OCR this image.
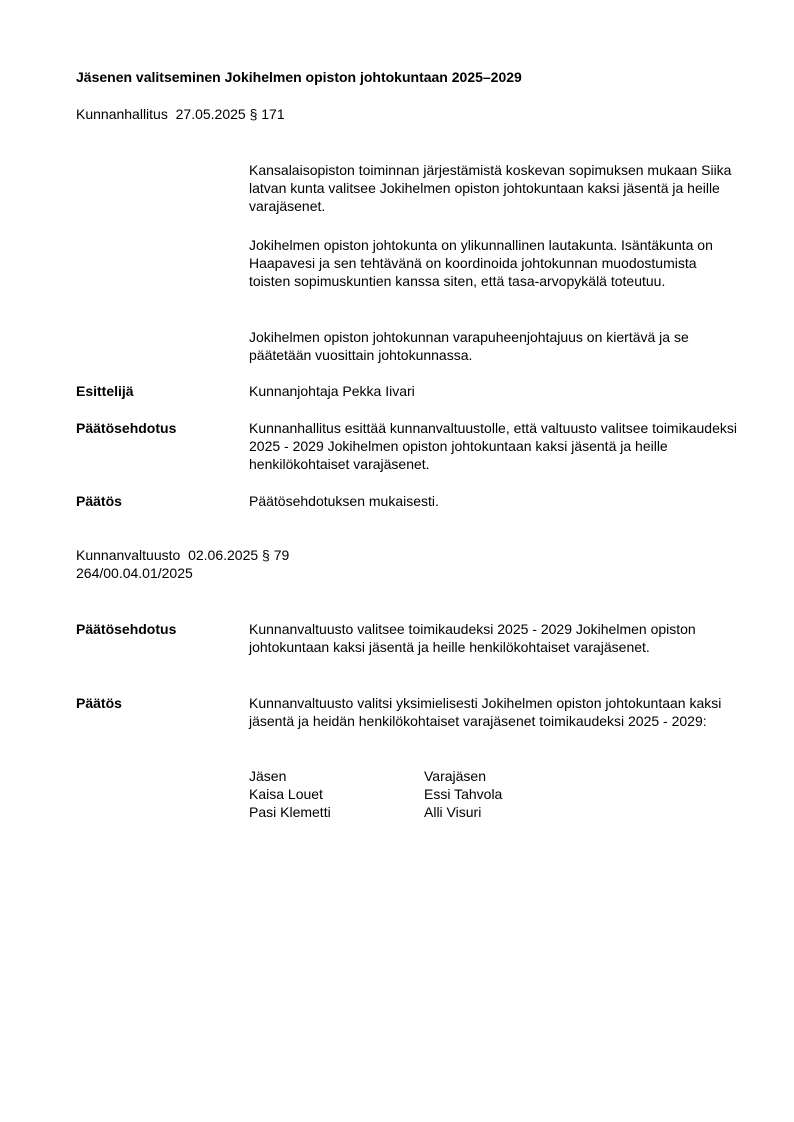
Jäsenen valitseminen Jokihelmen opiston johtokuntaan 2025–2029
Kunnanhallitus  27.05.2025 § 171

Kansalaisopiston toiminnan järjestämistä koskevan sopimuksen mukaan Siika latvan kunta valitsee Jokihelmen opiston johtokuntaan kaksi jäsentä ja heille varajäsenet.

Jokihelmen opiston johtokunta on ylikunnallinen lautakunta. Isäntäkunta on Haapavesi ja sen tehtävänä on koordinoida johtokunnan muodostumista toisten sopimuskuntien kanssa siten, että tasa-arvopykälä toteutuu.

Jokihelmen opiston johtokunnan varapuheenjohtajuus on kiertävä ja se päätetään vuosittain johtokunnassa.

Esittelijä	Kunnanjohtaja Pekka Iivari
Päätösehdotus	Kunnanhallitus esittää kunnanvaltuustolle, että valtuusto valitsee toimikaudeksi 2025 - 2029 Jokihelmen opiston johtokuntaan kaksi jäsentä ja heille henkilökohtaiset varajäsenet.
Päätös	Päätösehdotuksen mukaisesti.
Kunnanvaltuusto  02.06.2025 § 79
264/00.04.01/2025
Päätösehdotus	Kunnanvaltuusto valitsee toimikaudeksi 2025 - 2029 Jokihelmen opiston johtokuntaan kaksi jäsentä ja heille henkilökohtaiset varajäsenet.
Päätös	Kunnanvaltuusto valitsi yksimielisesti Jokihelmen opiston johtokuntaan kaksi jäsentä ja heidän henkilökohtaiset varajäsenet toimikaudeksi 2025 - 2029:
Jäsen	Varajäsen
Kaisa Louet	Essi Tahvola
Pasi Klemetti	Alli Visuri
